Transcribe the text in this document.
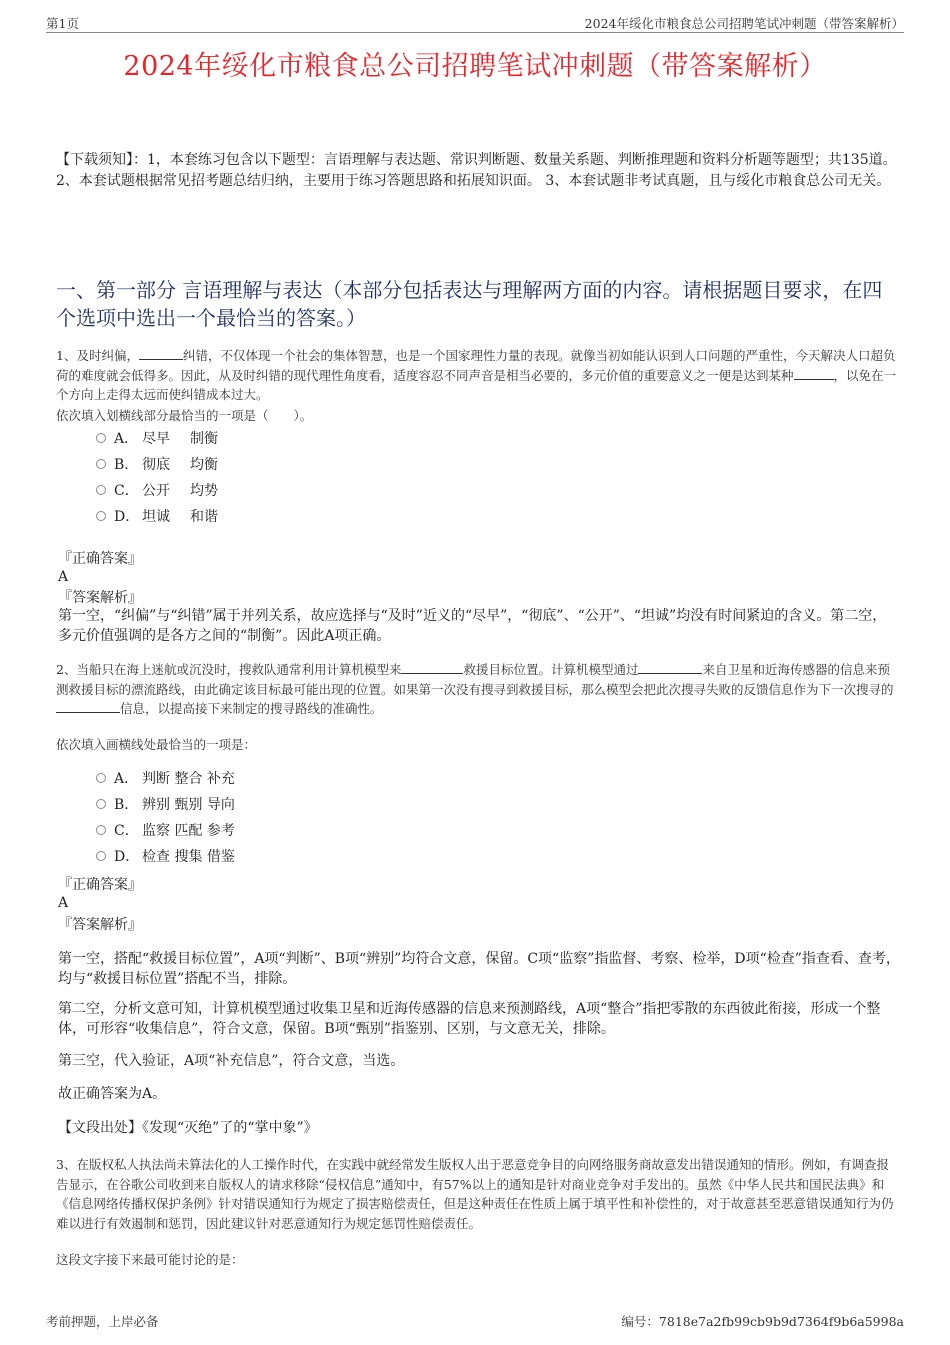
第1页	2024年绥化市粮食总公司招聘笔试冲刺题（带答案解析）
2024年绥化市粮食总公司招聘笔试冲刺题（带答案解析）
【下载须知】：1，本套练习包含以下题型：言语理解与表达题、常识判断题、数量关系题、判断推理题和资料分析题等题型；共135道。 2、本套试题根据常见招考题总结归纳，主要用于练习答题思路和拓展知识面。 3、本套试题非考试真题，且与绥化市粮食总公司无关。
一、第一部分 言语理解与表达（本部分包括表达与理解两方面的内容。请根据题目要求，在四个选项中选出一个最恰当的答案。）
1、及时纠偏，	纠错，不仅体现一个社会的集体智慧，也是一个国家理性力量的表现。就像当初如能认识到人口问题的严重性，今天解决人口超负荷的难度就会低得多。因此，从及时纠错的现代理性角度看，适度容忍不同声音是相当必要的，多元价值的重要意义之一便是达到某种	，以免在一个方向上走得太远而使纠错成本过大。
依次填入划横线部分最恰当的一项是（　　）。
A． 尽早	制衡
B． 彻底	均衡
C． 公开	均势
D． 坦诚	和谐
『正确答案』
A
『答案解析』
第一空，“纠偏”与“纠错”属于并列关系，故应选择与“及时”近义的“尽早”，“彻底”、“公开”、“坦诚”均没有时间紧迫的含义。第二空，多元价值强调的是各方之间的“制衡”。因此A项正确。
2、当船只在海上迷航或沉没时，搜救队通常利用计算机模型来	救援目标位置。计算机模型通过	来自卫星和近海传感器的信息来预测救援目标的漂流路线，由此确定该目标最可能出现的位置。如果第一次没有搜寻到救援目标，那么模型会把此次搜寻失败的反馈信息作为下一次搜寻的信息，以提高接下来制定的搜寻路线的准确性。
依次填入画横线处最恰当的一项是：
A． 判断 整合 补充
B． 辨别 甄别 导向
C． 监察 匹配 参考
D． 检查 搜集 借鉴
『正确答案』
A
『答案解析』
第一空，搭配“救援目标位置”，A项“判断”、B项“辨别”均符合文意，保留。C项“监察”指监督、考察、检举，D项“检查”指查看、查考，均与“救援目标位置”搭配不当，排除。
第二空，分析文意可知，计算机模型通过收集卫星和近海传感器的信息来预测路线，A项“整合”指把零散的东西彼此衔接，形成一个整体，可形容“收集信息”，符合文意，保留。B项“甄别”指鉴别、区别，与文意无关，排除。
第三空，代入验证，A项“补充信息”，符合文意，当选。
故正确答案为A。
【文段出处】《发现“灭绝”了的“掌中象”》
3、在版权私人执法尚未算法化的人工操作时代，在实践中就经常发生版权人出于恶意竞争目的向网络服务商故意发出错误通知的情形。例如，有调查报告显示，在谷歌公司收到来自版权人的请求移除“侵权信息”通知中，有57%以上的通知是针对商业竞争对手发出的。虽然《中华人民共和国民法典》和《信息网络传播权保护条例》针对错误通知行为规定了损害赔偿责任，但是这种责任在性质上属于填平性和补偿性的，对于故意甚至恶意错误通知行为仍难以进行有效遏制和惩罚，因此建议针对恶意通知行为规定惩罚性赔偿责任。
这段文字接下来最可能讨论的是：
考前押题，上岸必备	编号：7818e7a2fb99cb9b9d7364f9b6a5998a
